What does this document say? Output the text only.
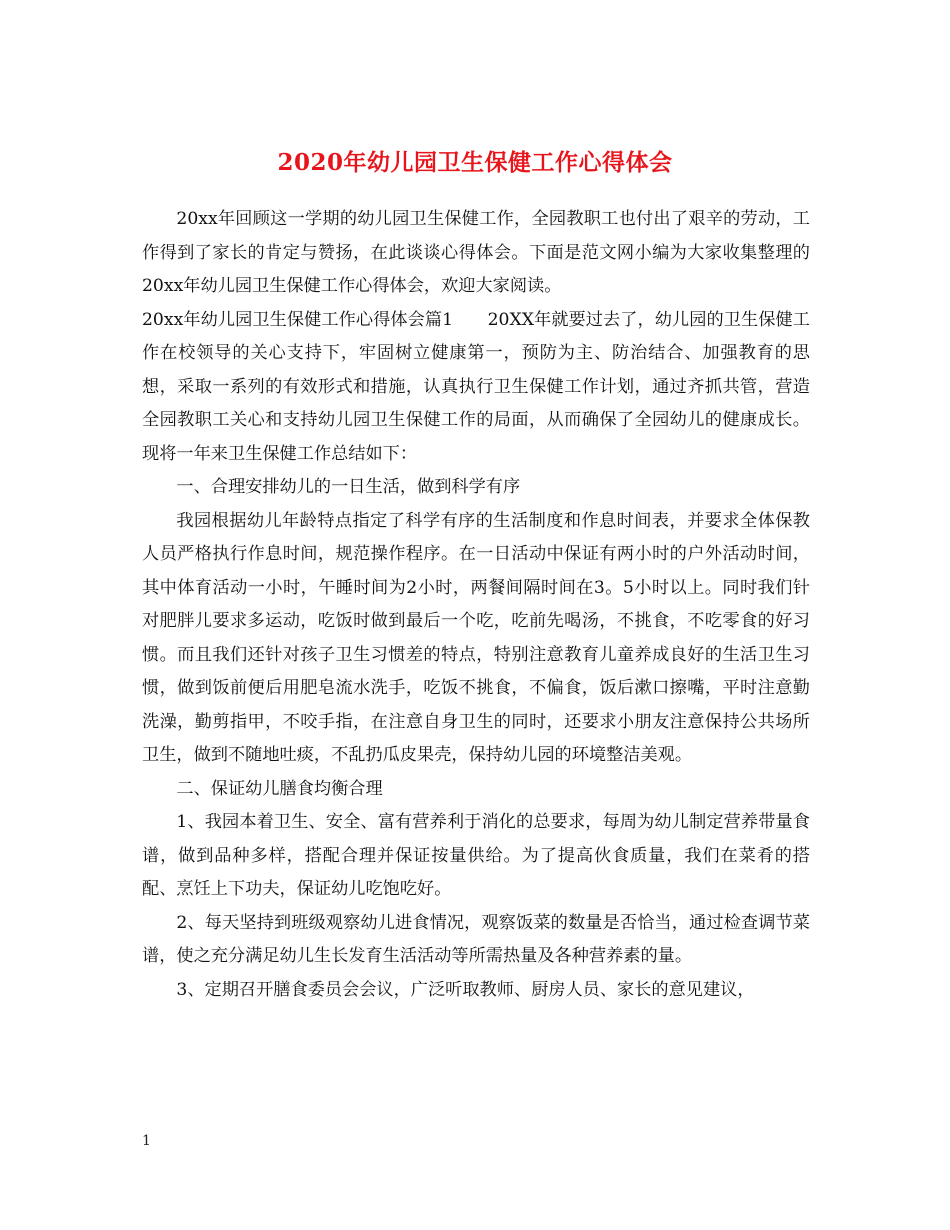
2020年幼儿园卫生保健工作心得体会

20xx年回顾这一学期的幼儿园卫生保健工作，全园教职工也付出了艰辛的劳动，工作得到了家长的肯定与赞扬，在此谈谈心得体会。下面是范文网小编为大家收集整理的20xx年幼儿园卫生保健工作心得体会，欢迎大家阅读。

20xx年幼儿园卫生保健工作心得体会篇1　　20XX年就要过去了，幼儿园的卫生保健工作在校领导的关心支持下，牢固树立健康第一，预防为主、防治结合、加强教育的思想，采取一系列的有效形式和措施，认真执行卫生保健工作计划，通过齐抓共管，营造全园教职工关心和支持幼儿园卫生保健工作的局面，从而确保了全园幼儿的健康成长。现将一年来卫生保健工作总结如下：

一、合理安排幼儿的一日生活，做到科学有序

我园根据幼儿年龄特点指定了科学有序的生活制度和作息时间表，并要求全体保教人员严格执行作息时间，规范操作程序。在一日活动中保证有两小时的户外活动时间，其中体育活动一小时，午睡时间为2小时，两餐间隔时间在3。5小时以上。同时我们针对肥胖儿要求多运动，吃饭时做到最后一个吃，吃前先喝汤，不挑食，不吃零食的好习惯。而且我们还针对孩子卫生习惯差的特点，特别注意教育儿童养成良好的生活卫生习惯，做到饭前便后用肥皂流水洗手，吃饭不挑食，不偏食，饭后漱口擦嘴，平时注意勤洗澡，勤剪指甲，不咬手指，在注意自身卫生的同时，还要求小朋友注意保持公共场所卫生，做到不随地吐痰，不乱扔瓜皮果壳，保持幼儿园的环境整洁美观。

二、保证幼儿膳食均衡合理

1、我园本着卫生、安全、富有营养利于消化的总要求，每周为幼儿制定营养带量食谱，做到品种多样，搭配合理并保证按量供给。为了提高伙食质量，我们在菜肴的搭配、烹饪上下功夫，保证幼儿吃饱吃好。

2、每天坚持到班级观察幼儿进食情况，观察饭菜的数量是否恰当，通过检查调节菜谱，使之充分满足幼儿生长发育生活活动等所需热量及各种营养素的量。

3、定期召开膳食委员会会议，广泛听取教师、厨房人员、家长的意见建议，

1
